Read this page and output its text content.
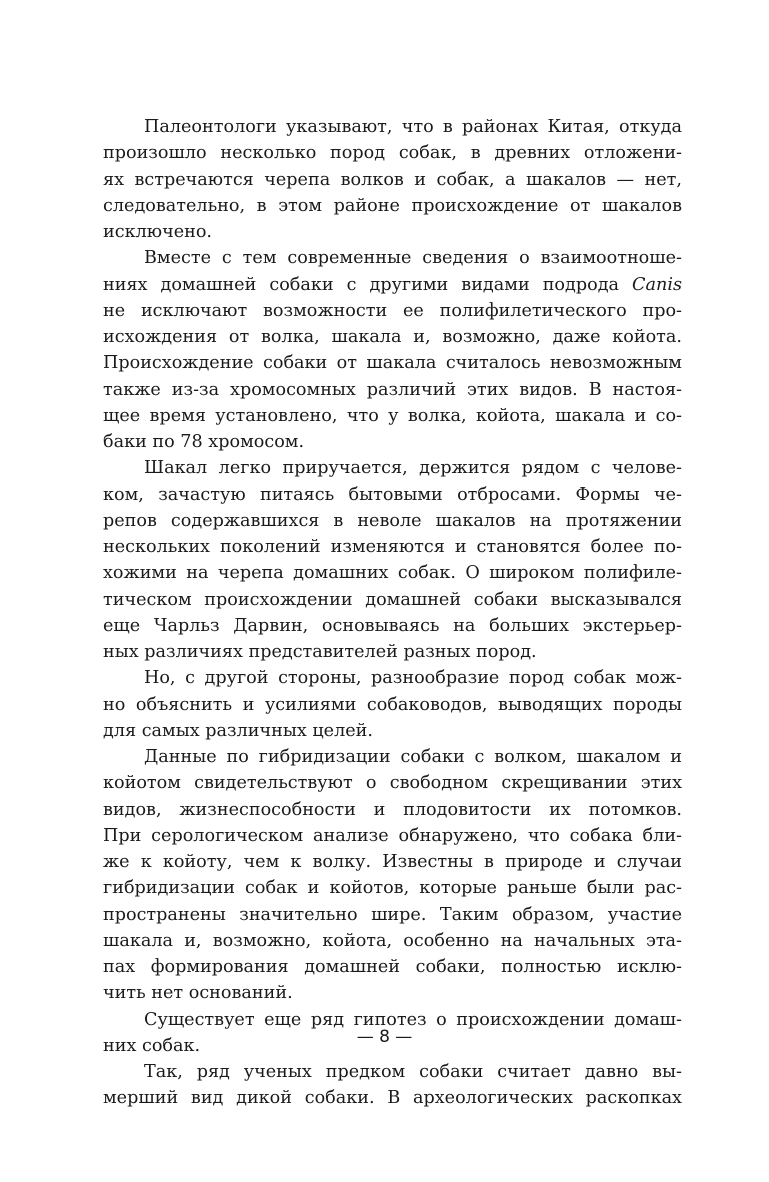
Палеонтологи указывают, что в районах Китая, откуда
произошло несколько пород собак, в древних отложени-
ях встречаются черепа волков и собак, а шакалов — нет,
следовательно, в этом районе происхождение от шакалов
исключено.
Вместе с тем современные сведения о взаимоотноше-
ниях домашней собаки с другими видами подрода Canis
не исключают возможности ее полифилетического про-
исхождения от волка, шакала и, возможно, даже койота.
Происхождение собаки от шакала считалось невозможным
также из-за хромосомных различий этих видов. В настоя-
щее время установлено, что у волка, койота, шакала и со-
баки по 78 хромосом.
Шакал легко приручается, держится рядом с челове-
ком, зачастую питаясь бытовыми отбросами. Формы че-
репов содержавшихся в неволе шакалов на протяжении
нескольких поколений изменяются и становятся более по-
хожими на черепа домашних собак. О широком полифиле-
тическом происхождении домашней собаки высказывался
еще Чарльз Дарвин, основываясь на больших экстерьер-
ных различиях представителей разных пород.
Но, с другой стороны, разнообразие пород собак мож-
но объяснить и усилиями собаководов, выводящих породы
для самых различных целей.
Данные по гибридизации собаки с волком, шакалом и
койотом свидетельствуют о свободном скрещивании этих
видов, жизнеспособности и плодовитости их потомков.
При серологическом анализе обнаружено, что собака бли-
же к койоту, чем к волку. Известны в природе и случаи
гибридизации собак и койотов, которые раньше были рас-
пространены значительно шире. Таким образом, участие
шакала и, возможно, койота, особенно на начальных эта-
пах формирования домашней собаки, полностью исклю-
чить нет оснований.
Существует еще ряд гипотез о происхождении домаш-
них собак.
Так, ряд ученых предком собаки считает давно вы-
мерший вид дикой собаки. В археологических раскопках
— 8 —
